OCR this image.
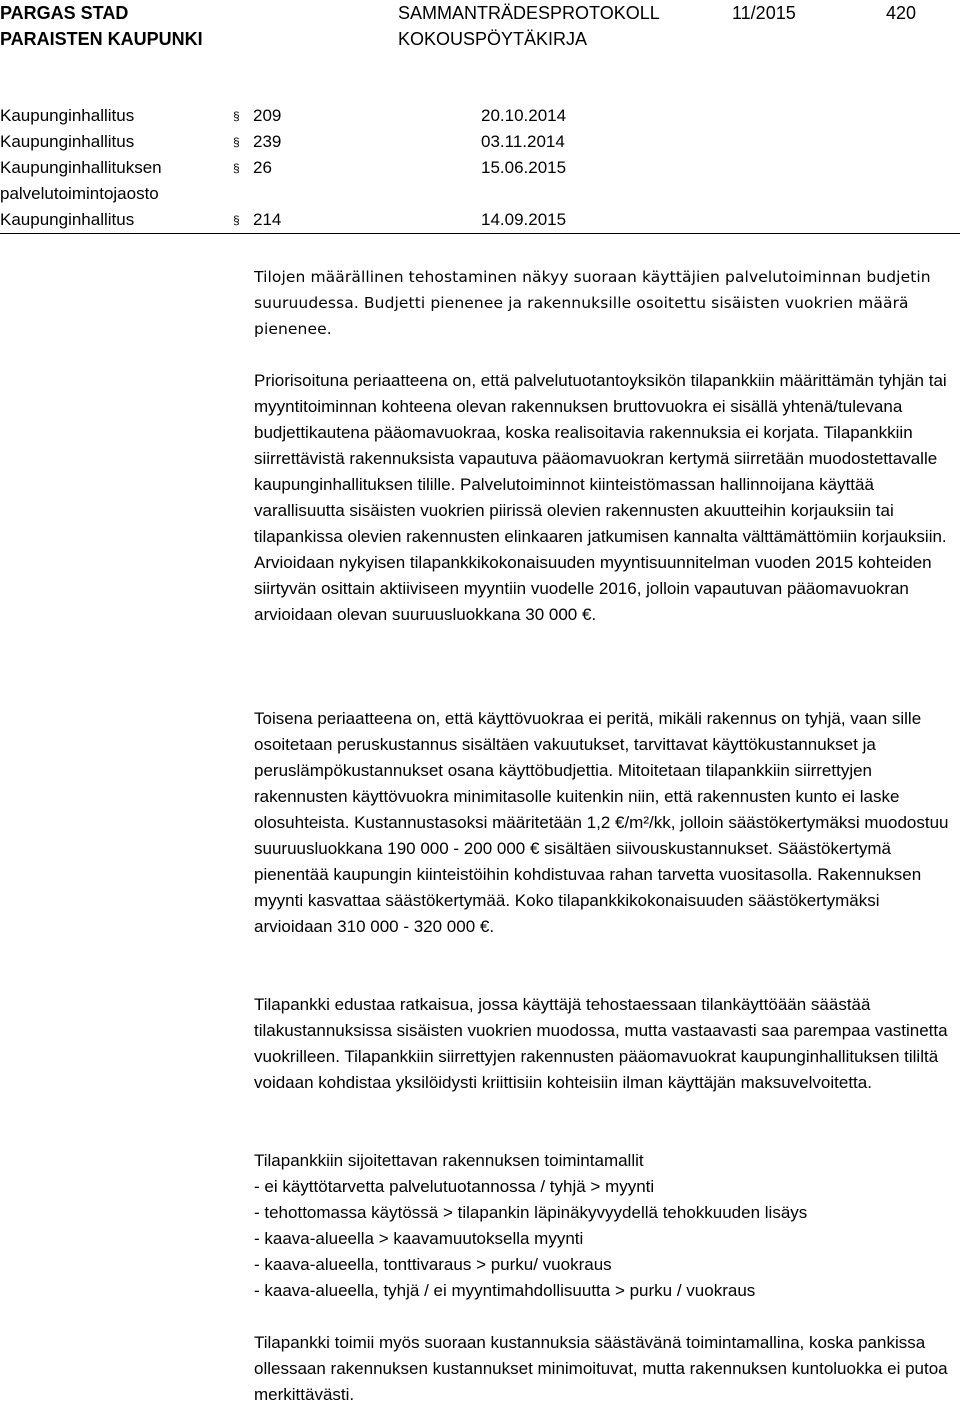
PARGAS STAD
PARAISTEN KAUPUNKI
SAMMANTRÄDESPROTOKOLL
KOKOUSPÖYTÄKIRJA
11/2015	420
Kaupunginhallitus	§ 209	20.10.2014
Kaupunginhallitus	§ 239	03.11.2014
Kaupunginhallituksen	§ 26	15.06.2015
palvelutoimintojaosto
Kaupunginhallitus	§ 214	14.09.2015

Tilojen määrällinen tehostaminen näkyy suoraan käyttäjien palvelutoiminnan budjetin suuruudessa. Budjetti pienenee ja rakennuksille osoitettu sisäisten vuokrien määrä pienenee.

Priorisoituna periaatteena on, että palvelutuotantoyksikön tilapankkiin määrittämän tyhjän tai myyntitoiminnan kohteena olevan rakennuksen bruttovuokra ei sisällä yhtenä/tulevana budjettikautena pääomavuokraa, koska realisoitavia rakennuksia ei korjata. Tilapankkiin siirrettävistä rakennuksista vapautuva pääomavuokran kertymä siirretään muodostettavalle kaupunginhallituksen tilille. Palvelutoiminnot kiinteistömassan hallinnoijana käyttää varallisuutta sisäisten vuokrien piirissä olevien rakennusten akuutteihin korjauksiin tai tilapankissa olevien rakennusten elinkaaren jatkumisen kannalta välttämättömiin korjauksiin. Arvioidaan nykyisen tilapankkikokonaisuuden myyntisuunnitelman vuoden 2015 kohteiden siirtyvän osittain aktiiviseen myyntiin vuodelle 2016, jolloin vapautuvan pääomavuokran arvioidaan olevan suuruusluokkana 30 000 €.

Toisena periaatteena on, että käyttövuokraa ei peritä, mikäli rakennus on tyhjä, vaan sille osoitetaan peruskustannus sisältäen vakuutukset, tarvittavat käyttökustannukset ja peruslämpökustannukset osana käyttöbudjettia. Mitoitetaan tilapankkiin siirrettyjen rakennusten käyttövuokra minimitasolle kuitenkin niin, että rakennusten kunto ei laske olosuhteista. Kustannustasoksi määritetään 1,2 €/m²/kk, jolloin säästökertymäksi muodostuu suuruusluokkana 190 000 - 200 000 € sisältäen siivouskustannukset. Säästökertymä pienentää kaupungin kiinteistöihin kohdistuvaa rahan tarvetta vuositasolla. Rakennuksen myynti kasvattaa säästökertymää. Koko tilapankkikokonaisuuden säästökertymäksi arvioidaan 310 000 - 320 000 €.

Tilapankki edustaa ratkaisua, jossa käyttäjä tehostaessaan tilankäyttöään säästää tilakustannuksissa sisäisten vuokrien muodossa, mutta vastaavasti saa parempaa vastinetta vuokrilleen. Tilapankkiin siirrettyjen rakennusten pääomavuokrat kaupunginhallituksen tililtä voidaan kohdistaa yksilöidysti kriittisiin kohteisiin ilman käyttäjän maksuvelvoitetta.

Tilapankkiin sijoitettavan rakennuksen toimintamallit
- ei käyttötarvetta palvelutuotannossa / tyhjä > myynti
- tehottomassa käytössä > tilapankin läpinäkyvyydellä tehokkuuden lisäys
- kaava-alueella > kaavamuutoksella myynti
- kaava-alueella, tonttivaraus > purku/ vuokraus
- kaava-alueella, tyhjä / ei myyntimahdollisuutta > purku / vuokraus

Tilapankki toimii myös suoraan kustannuksia säästävänä toimintamallina, koska pankissa ollessaan rakennuksen kustannukset minimoituvat, mutta rakennuksen kuntoluokka ei putoa merkittävästi.
